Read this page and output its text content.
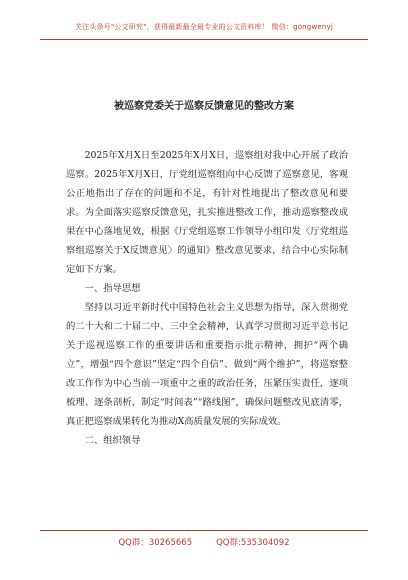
关注头条号"公文研究"，获得最新最全最专业的公文资料库！ 微信：gongwenyj
被巡察党委关于巡察反馈意见的整改方案

2025年X月X日至2025年X月X日，巡察组对我中心开展了政治巡察。2025年X月X日，厅党组巡察组向中心反馈了巡察意见，客观公正地指出了存在的问题和不足，有针对性地提出了整改意见和要求。为全面落实巡察反馈意见，扎实推进整改工作，推动巡察整改成果在中心落地见效，根据《厅党组巡察工作领导小组印发〈厅党组巡察组巡察关于X反馈意见〉的通知》整改意见要求，结合中心实际制定如下方案。

一、指导思想

坚持以习近平新时代中国特色社会主义思想为指导，深入贯彻党的二十大和二十届二中、三中全会精神，认真学习贯彻习近平总书记关于巡视巡察工作的重要讲话和重要指示批示精神，拥护“两个确立”，增强“四个意识”坚定“四个自信”、做到“两个维护”，将巡察整改工作作为中心当前一项重中之重的政治任务，压紧压实责任，逐项梳理、逐条剖析，制定“时间表”“路线图”，确保问题整改见底清零，真正把巡察成果转化为推动X高质量发展的实际成效。

二、组织领导

QQ群：30265665	QQ群:535304092
